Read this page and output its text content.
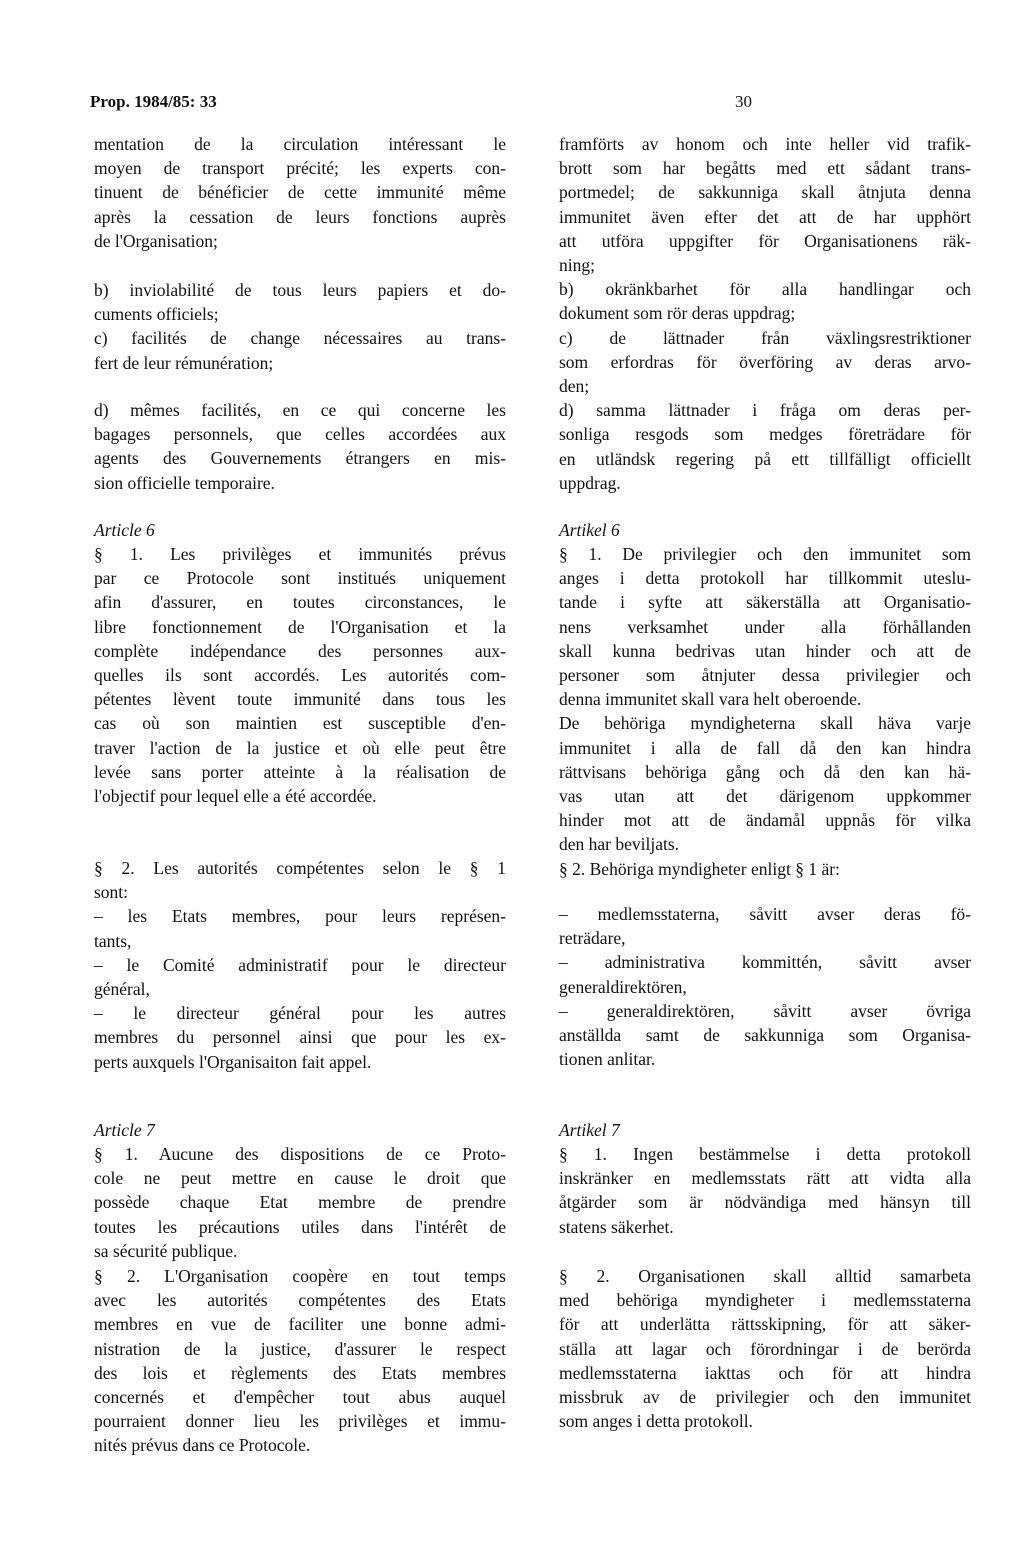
Prop. 1984/85: 33	30
mentation de la circulation intéressant le
moyen de transport précité; les experts con-
tinuent de bénéficier de cette immunité même
après la cessation de leurs fonctions auprès
de l'Organisation;
b) inviolabilité de tous leurs papiers et do-
cuments officiels;
c) facilités de change nécessaires au trans-
fert de leur rémunération;
d) mêmes facilités, en ce qui concerne les
bagages personnels, que celles accordées aux
agents des Gouvernements étrangers en mis-
sion officielle temporaire.
Article 6
§ 1. Les privilèges et immunités prévus
par ce Protocole sont institués uniquement
afin d'assurer, en toutes circonstances, le
libre fonctionnement de l'Organisation et la
complète indépendance des personnes aux-
quelles ils sont accordés. Les autorités com-
pétentes lèvent toute immunité dans tous les
cas où son maintien est susceptible d'en-
traver l'action de la justice et où elle peut être
levée sans porter atteinte à la réalisation de
l'objectif pour lequel elle a été accordée.
§ 2. Les autorités compétentes selon le § 1
sont:
– les Etats membres, pour leurs représen-
tants,
– le Comité administratif pour le directeur
général,
– le directeur général pour les autres
membres du personnel ainsi que pour les ex-
perts auxquels l'Organisaiton fait appel.
Article 7
§ 1. Aucune des dispositions de ce Proto-
cole ne peut mettre en cause le droit que
possède chaque Etat membre de prendre
toutes les précautions utiles dans l'intérêt de
sa sécurité publique.
§ 2. L'Organisation coopère en tout temps
avec les autorités compétentes des Etats
membres en vue de faciliter une bonne admi-
nistration de la justice, d'assurer le respect
des lois et règlements des Etats membres
concernés et d'empêcher tout abus auquel
pourraient donner lieu les privilèges et immu-
nités prévus dans ce Protocole.
framförts av honom och inte heller vid trafik-
brott som har begåtts med ett sådant trans-
portmedel; de sakkunniga skall åtnjuta denna
immunitet även efter det att de har upphört
att utföra uppgifter för Organisationens räk-
ning;
b) okränkbarhet för alla handlingar och
dokument som rör deras uppdrag;
c) de lättnader från växlingsrestriktioner
som erfordras för överföring av deras arvo-
den;
d) samma lättnader i fråga om deras per-
sonliga resgods som medges företrädare för
en utländsk regering på ett tillfälligt officiellt
uppdrag.
Artikel 6
§ 1. De privilegier och den immunitet som
anges i detta protokoll har tillkommit uteslu-
tande i syfte att säkerställa att Organisatio-
nens verksamhet under alla förhållanden
skall kunna bedrivas utan hinder och att de
personer som åtnjuter dessa privilegier och
denna immunitet skall vara helt oberoende.
De behöriga myndigheterna skall häva varje
immunitet i alla de fall då den kan hindra
rättvisans behöriga gång och då den kan hä-
vas utan att det därigenom uppkommer
hinder mot att de ändamål uppnås för vilka
den har beviljats.
§ 2. Behöriga myndigheter enligt § 1 är:
– medlemsstaterna, såvitt avser deras fö-
reträdare,
– administrativa kommittén, såvitt avser
generaldirektören,
– generaldirektören, såvitt avser övriga
anställda samt de sakkunniga som Organisa-
tionen anlitar.
Artikel 7
§ 1. Ingen bestämmelse i detta protokoll
inskränker en medlemsstats rätt att vidta alla
åtgärder som är nödvändiga med hänsyn till
statens säkerhet.
§ 2. Organisationen skall alltid samarbeta
med behöriga myndigheter i medlemsstaterna
för att underlätta rättsskipning, för att säker-
ställa att lagar och förordningar i de berörda
medlemsstaterna iakttas och för att hindra
missbruk av de privilegier och den immunitet
som anges i detta protokoll.
